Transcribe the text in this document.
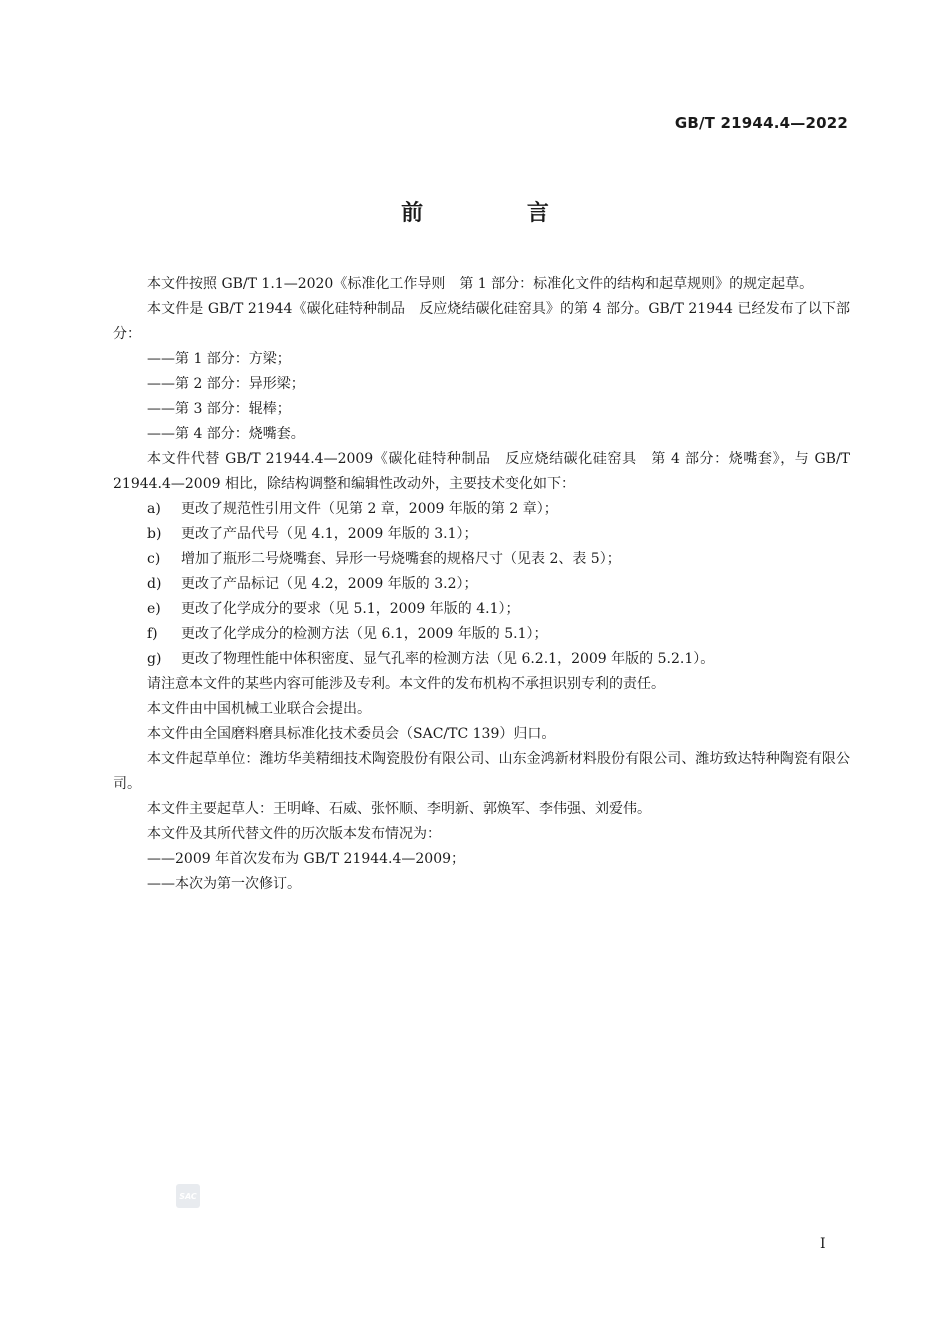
GB/T 21944.4—2022
前 言

本文件按照 GB/T 1.1—2020《标准化工作导则　第 1 部分：标准化文件的结构和起草规则》的规定起草。

本文件是 GB/T 21944《碳化硅特种制品　反应烧结碳化硅窑具》的第 4 部分。GB/T 21944 已经发布了以下部分：

——第 1 部分：方梁；

——第 2 部分：异形梁；

——第 3 部分：辊棒；

——第 4 部分：烧嘴套。

本文件代替 GB/T 21944.4—2009《碳化硅特种制品　反应烧结碳化硅窑具　第 4 部分：烧嘴套》，与 GB/T 21944.4—2009 相比，除结构调整和编辑性改动外，主要技术变化如下：

a)	更改了规范性引用文件（见第 2 章，2009 年版的第 2 章）；
b)	更改了产品代号（见 4.1，2009 年版的 3.1）；
c)	增加了瓶形二号烧嘴套、异形一号烧嘴套的规格尺寸（见表 2、表 5）；
d)	更改了产品标记（见 4.2，2009 年版的 3.2）；
e)	更改了化学成分的要求（见 5.1，2009 年版的 4.1）；
f)	更改了化学成分的检测方法（见 6.1，2009 年版的 5.1）；
g)	更改了物理性能中体积密度、显气孔率的检测方法（见 6.2.1，2009 年版的 5.2.1）。

请注意本文件的某些内容可能涉及专利。本文件的发布机构不承担识别专利的责任。

本文件由中国机械工业联合会提出。

本文件由全国磨料磨具标准化技术委员会（SAC/TC 139）归口。

本文件起草单位：潍坊华美精细技术陶瓷股份有限公司、山东金鸿新材料股份有限公司、潍坊致达特种陶瓷有限公司。

本文件主要起草人：王明峰、石威、张怀顺、李明新、郭焕军、李伟强、刘爱伟。

本文件及其所代替文件的历次版本发布情况为：

——2009 年首次发布为 GB/T 21944.4—2009；

——本次为第一次修订。

SAC
I
